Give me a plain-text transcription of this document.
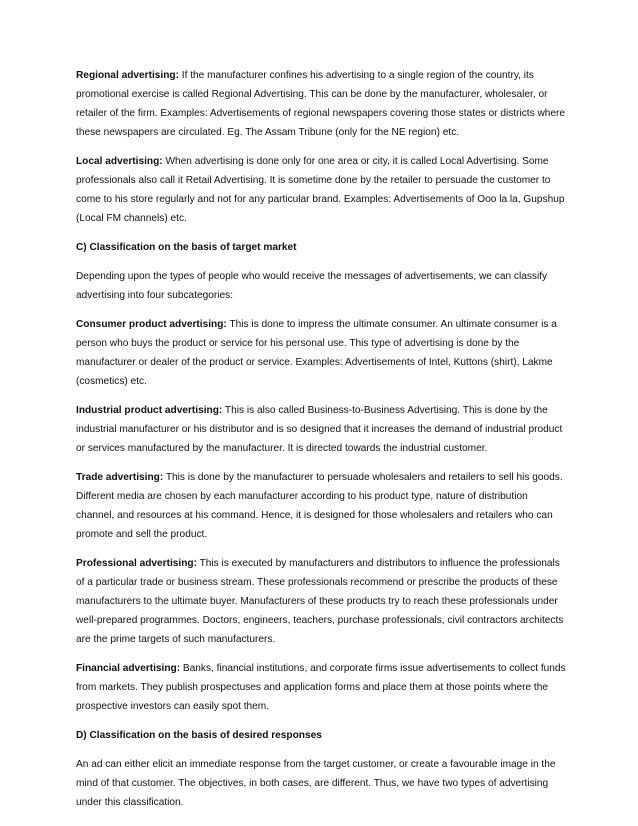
Regional advertising: If the manufacturer confines his advertising to a single region of the country, its promotional exercise is called Regional Advertising. This can be done by the manufacturer, wholesaler, or retailer of the firm. Examples: Advertisements of regional newspapers covering those states or districts where these newspapers are circulated. Eg. The Assam Tribune (only for the NE region) etc.

Local advertising: When advertising is done only for one area or city, it is called Local Advertising. Some professionals also call it Retail Advertising. It is sometime done by the retailer to persuade the customer to come to his store regularly and not for any particular brand. Examples: Advertisements of Ooo la la, Gupshup (Local FM channels) etc.

C) Classification on the basis of target market

Depending upon the types of people who would receive the messages of advertisements, we can classify advertising into four subcategories:

Consumer product advertising: This is done to impress the ultimate consumer. An ultimate consumer is a person who buys the product or service for his personal use. This type of advertising is done by the manufacturer or dealer of the product or service. Examples: Advertisements of Intel, Kuttons (shirt), Lakme (cosmetics) etc.

Industrial product advertising: This is also called Business-to-Business Advertising. This is done by the industrial manufacturer or his distributor and is so designed that it increases the demand of industrial product or services manufactured by the manufacturer. It is directed towards the industrial customer.

Trade advertising: This is done by the manufacturer to persuade wholesalers and retailers to sell his goods. Different media are chosen by each manufacturer according to his product type, nature of distribution channel, and resources at his command. Hence, it is designed for those wholesalers and retailers who can promote and sell the product.

Professional advertising: This is executed by manufacturers and distributors to influence the professionals of a particular trade or business stream. These professionals recommend or prescribe the products of these manufacturers to the ultimate buyer. Manufacturers of these products try to reach these professionals under well-prepared programmes. Doctors, engineers, teachers, purchase professionals, civil contractors architects are the prime targets of such manufacturers.

Financial advertising: Banks, financial institutions, and corporate firms issue advertisements to collect funds from markets. They publish prospectuses and application forms and place them at those points where the prospective investors can easily spot them.

D) Classification on the basis of desired responses

An ad can either elicit an immediate response from the target customer, or create a favourable image in the mind of that customer. The objectives, in both cases, are different. Thus, we have two types of advertising under this classification.
